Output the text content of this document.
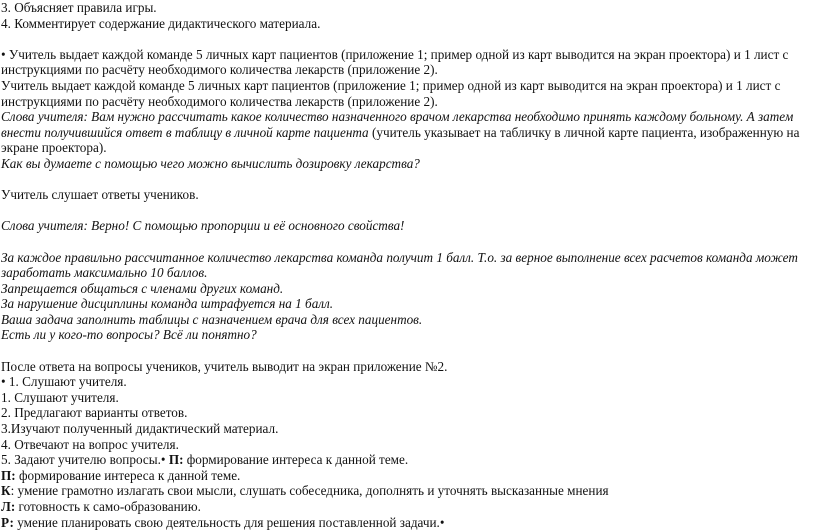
3. Объясняет правила игры.
4. Комментирует содержание дидактического материала.
• Учитель выдает каждой команде 5 личных карт пациентов (приложение 1; пример одной из карт выводится на экран проектора) и 1 лист с инструкциями по расчёту необходимого количества лекарств (приложение 2).
Учитель выдает каждой команде 5 личных карт пациентов (приложение 1; пример одной из карт выводится на экран проектора) и 1 лист с инструкциями по расчёту необходимого количества лекарств (приложение 2).
Слова учителя: Вам нужно рассчитать какое количество назначенного врачом лекарства необходимо принять каждому больному. А затем внести получившийся ответ в таблицу в личной карте пациента (учитель указывает на табличку в личной карте пациента, изображенную на экране проектора).
Как вы думаете с помощью чего можно вычислить дозировку лекарства?
Учитель слушает ответы учеников.
Слова учителя: Верно! С помощью пропорции и её основного свойства!
За каждое правильно рассчитанное количество лекарства команда получит 1 балл. Т.о. за верное выполнение всех расчетов команда может заработать максимально 10 баллов.
Запрещается общаться с членами других команд.
За нарушение дисциплины команда штрафуется на 1 балл.
Ваша задача заполнить таблицы с назначением врача для всех пациентов.
Есть ли у кого-то вопросы? Всё ли понятно?
После ответа на вопросы учеников, учитель выводит на экран приложение №2.
• 1. Слушают учителя.
1. Слушают учителя.
2. Предлагают варианты ответов.
3.Изучают полученный дидактический материал.
4. Отвечают на вопрос учителя.
5. Задают учителю вопросы.• П: формирование интереса к данной теме.
П: формирование интереса к данной теме.
К: умение грамотно излагать свои мысли, слушать собеседника, дополнять и уточнять высказанные мнения
Л: готовность к само-образованию.
Р: умение планировать свою деятельность для решения поставленной задачи.•
